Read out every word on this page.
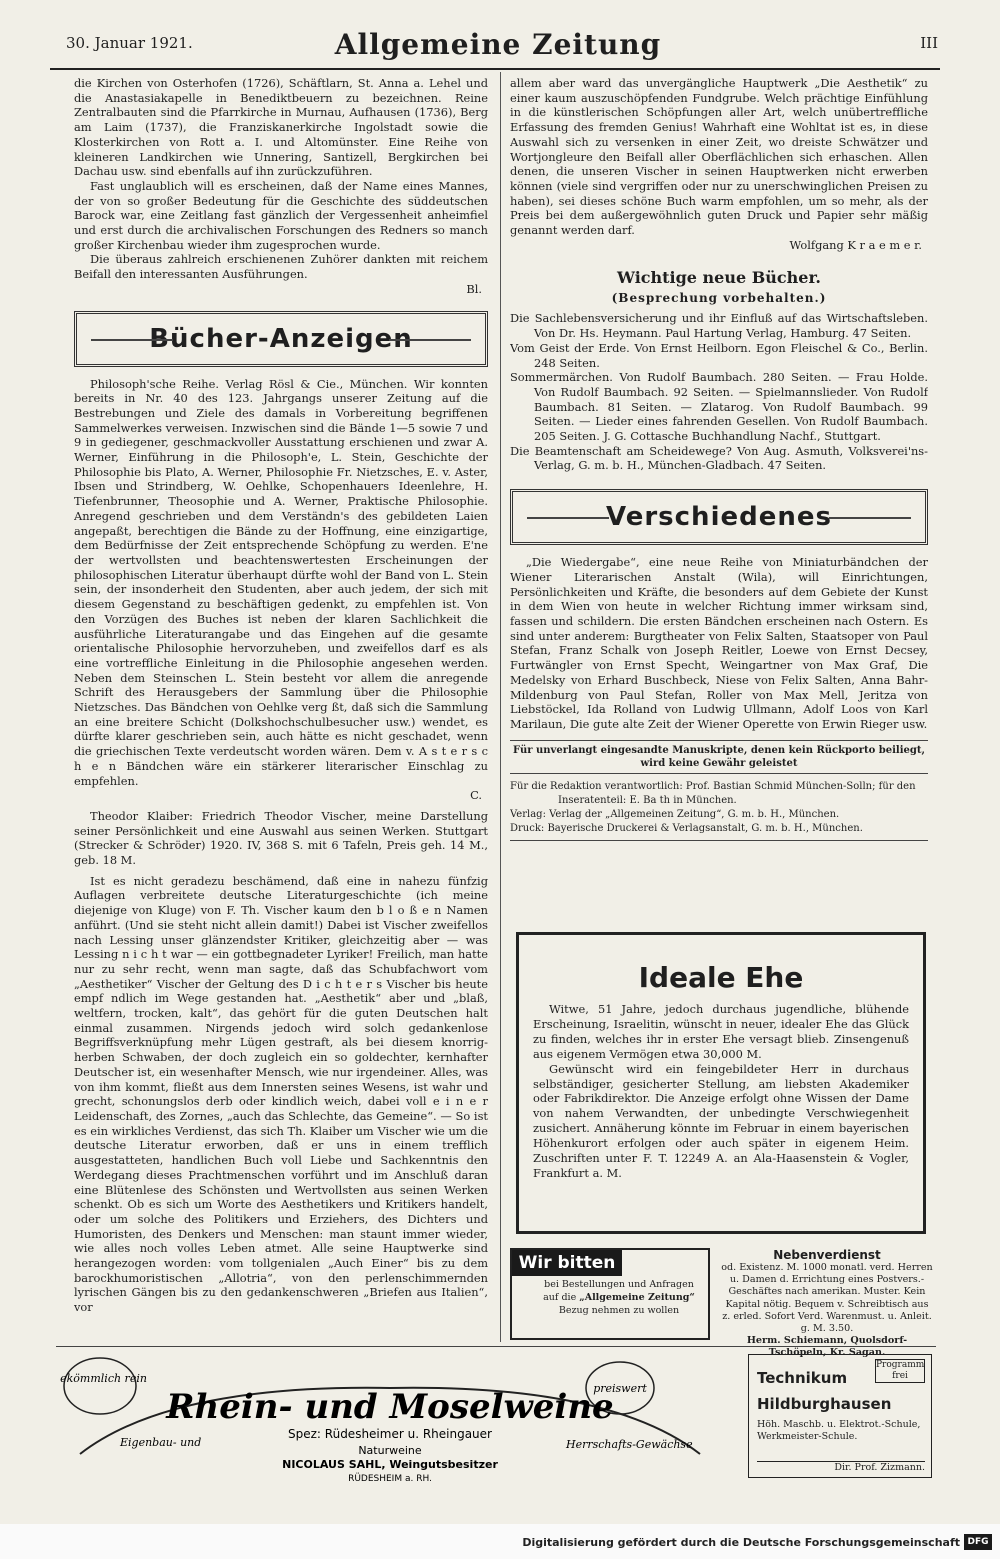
30. Januar 1921.	Allgemeine Zeitung	III

die Kirchen von Osterhofen (1726), Schäftlarn, St. Anna a. Lehel und die Anastasiakapelle in Benediktbeuern zu bezeichnen. Reine Zentralbauten sind die Pfarrkirche in Murnau, Aufhausen (1736), Berg am Laim (1737), die Franziskanerkirche Ingolstadt sowie die Klosterkirchen von Rott a. I. und Altomünster. Eine Reihe von kleineren Landkirchen wie Unnering, Santizell, Bergkirchen bei Dachau usw. sind ebenfalls auf ihn zurückzuführen.

Fast unglaublich will es erscheinen, daß der Name eines Mannes, der von so großer Bedeutung für die Geschichte des süddeutschen Barock war, eine Zeitlang fast gänzlich der Vergessenheit anheimfiel und erst durch die archivalischen Forschungen des Redners so manch großer Kirchenbau wieder ihm zugesprochen wurde.

Die überaus zahlreich erschienenen Zuhörer dankten mit reichem Beifall den interessanten Ausführungen.

Bl.
Bücher-Anzeigen

Philosoph'sche Reihe. Verlag Rösl & Cie., München. Wir konnten bereits in Nr. 40 des 123. Jahrgangs unserer Zeitung auf die Bestrebungen und Ziele des damals in Vorbereitung begriffenen Sammelwerkes verweisen. Inzwischen sind die Bände 1—5 sowie 7 und 9 in gediegener, geschmackvoller Ausstattung erschienen und zwar A. Werner, Einführung in die Philosoph'e, L. Stein, Geschichte der Philosophie bis Plato, A. Werner, Philosophie Fr. Nietzsches, E. v. Aster, Ibsen und Strindberg, W. Oehlke, Schopenhauers Ideenlehre, H. Tiefenbrunner, Theosophie und A. Werner, Praktische Philosophie. Anregend geschrieben und dem Verständn's des gebildeten Laien angepaßt, berechtigen die Bände zu der Hoffnung, eine einzigartige, dem Bedürfnisse der Zeit entsprechende Schöpfung zu werden. E'ne der wertvollsten und beachtenswertesten Erscheinungen der philosophischen Literatur überhaupt dürfte wohl der Band von L. Stein sein, der insonderheit den Studenten, aber auch jedem, der sich mit diesem Gegenstand zu beschäftigen gedenkt, zu empfehlen ist. Von den Vorzügen des Buches ist neben der klaren Sachlichkeit die ausführliche Literaturangabe und das Eingehen auf die gesamte orientalische Philosophie hervorzuheben, und zweifellos darf es als eine vortreffliche Einleitung in die Philosophie angesehen werden. Neben dem Steinschen L. Stein besteht vor allem die anregende Schrift des Herausgebers der Sammlung über die Philosophie Nietzsches. Das Bändchen von Oehlke verg ßt, daß sich die Sammlung an eine breitere Schicht (Dolkshochschulbesucher usw.) wendet, es dürfte klarer geschrieben sein, auch hätte es nicht geschadet, wenn die griechischen Texte verdeutscht worden wären. Dem v. A s t e r s c h e n Bändchen wäre ein stärkerer literarischer Einschlag zu empfehlen.

C.

Theodor Klaiber: Friedrich Theodor Vischer, meine Darstellung seiner Persönlichkeit und eine Auswahl aus seinen Werken. Stuttgart (Strecker & Schröder) 1920. IV, 368 S. mit 6 Tafeln, Preis geh. 14 M., geb. 18 M.

Ist es nicht geradezu beschämend, daß eine in nahezu fünfzig Auflagen verbreitete deutsche Literaturgeschichte (ich meine diejenige von Kluge) von F. Th. Vischer kaum den b l o ß e n Namen anführt. (Und sie steht nicht allein damit!) Dabei ist Vischer zweifellos nach Lessing unser glänzendster Kritiker, gleichzeitig aber — was Lessing n i c h t war — ein gottbegnadeter Lyriker! Freilich, man hatte nur zu sehr recht, wenn man sagte, daß das Schubfachwort vom „Aesthetiker“ Vischer der Geltung des D i c h t e r s Vischer bis heute empf ndlich im Wege gestanden hat. „Aesthetik“ aber und „blaß, weltfern, trocken, kalt“, das gehört für die guten Deutschen halt einmal zusammen. Nirgends jedoch wird solch gedankenlose Begriffsverknüpfung mehr Lügen gestraft, als bei diesem knorrig-herben Schwaben, der doch zugleich ein so goldechter, kernhafter Deutscher ist, ein wesenhafter Mensch, wie nur irgendeiner. Alles, was von ihm kommt, fließt aus dem Innersten seines Wesens, ist wahr und grecht, schonungslos derb oder kindlich weich, dabei voll e i n e r Leidenschaft, des Zornes, „auch das Schlechte, das Gemeine“. — So ist es ein wirkliches Verdienst, das sich Th. Klaiber um Vischer wie um die deutsche Literatur erworben, daß er uns in einem trefflich ausgestatteten, handlichen Buch voll Liebe und Sachkenntnis den Werdegang dieses Prachtmenschen vorführt und im Anschluß daran eine Blütenlese des Schönsten und Wertvollsten aus seinen Werken schenkt. Ob es sich um Worte des Aesthetikers und Kritikers handelt, oder um solche des Politikers und Erziehers, des Dichters und Humoristen, des Denkers und Menschen: man staunt immer wieder, wie alles noch volles Leben atmet. Alle seine Hauptwerke sind herangezogen worden: vom tollgenialen „Auch Einer“ bis zu dem barockhumoristischen „Allotria“, von den perlenschimmernden lyrischen Gängen bis zu den gedankenschweren „Briefen aus Italien“, vor

allem aber ward das unvergängliche Hauptwerk „Die Aesthetik“ zu einer kaum auszuschöpfenden Fundgrube. Welch prächtige Einfühlung in die künstlerischen Schöpfungen aller Art, welch unübertreffliche Erfassung des fremden Genius! Wahrhaft eine Wohltat ist es, in diese Auswahl sich zu versenken in einer Zeit, wo dreiste Schwätzer und Wortjongleure den Beifall aller Oberflächlichen sich erhaschen. Allen denen, die unseren Vischer in seinen Hauptwerken nicht erwerben können (viele sind vergriffen oder nur zu unerschwinglichen Preisen zu haben), sei dieses schöne Buch warm empfohlen, um so mehr, als der Preis bei dem außergewöhnlich guten Druck und Papier sehr mäßig genannt werden darf.

Wolfgang K r a e m e r.
Wichtige neue Bücher.
(Besprechung vorbehalten.)
Die Sachlebensversicherung und ihr Einfluß auf das Wirtschaftsleben. Von Dr. Hs. Heymann. Paul Hartung Verlag, Hamburg. 47 Seiten.
Vom Geist der Erde. Von Ernst Heilborn. Egon Fleischel & Co., Berlin. 248 Seiten.
Sommermärchen. Von Rudolf Baumbach. 280 Seiten. — Frau Holde. Von Rudolf Baumbach. 92 Seiten. — Spielmannslieder. Von Rudolf Baumbach. 81 Seiten. — Zlatarog. Von Rudolf Baumbach. 99 Seiten. — Lieder eines fahrenden Gesellen. Von Rudolf Baumbach. 205 Seiten. J. G. Cottasche Buchhandlung Nachf., Stuttgart.
Die Beamtenschaft am Scheidewege? Von Aug. Asmuth, Volksverei'ns-Verlag, G. m. b. H., München-Gladbach. 47 Seiten.
Verschiedenes

„Die Wiedergabe“, eine neue Reihe von Miniaturbändchen der Wiener Literarischen Anstalt (Wila), will Einrichtungen, Persönlichkeiten und Kräfte, die besonders auf dem Gebiete der Kunst in dem Wien von heute in welcher Richtung immer wirksam sind, fassen und schildern. Die ersten Bändchen erscheinen nach Ostern. Es sind unter anderem: Burgtheater von Felix Salten, Staatsoper von Paul Stefan, Franz Schalk von Joseph Reitler, Loewe von Ernst Decsey, Furtwängler von Ernst Specht, Weingartner von Max Graf, Die Medelsky von Erhard Buschbeck, Niese von Felix Salten, Anna Bahr-Mildenburg von Paul Stefan, Roller von Max Mell, Jeritza von Liebstöckel, Ida Rolland von Ludwig Ullmann, Adolf Loos von Karl Marilaun, Die gute alte Zeit der Wiener Operette von Erwin Rieger usw.

Für unverlangt eingesandte Manuskripte, denen kein Rückporto beiliegt, wird keine Gewähr geleistet
Für die Redaktion verantwortlich: Prof. Bastian Schmid München-Solln; für den Inseratenteil: E. Ba th in München.
Verlag: Verlag der „Allgemeinen Zeitung“, G. m. b. H., München.
Druck: Bayerische Druckerei & Verlagsanstalt, G. m. b. H., München.
Ideale Ehe

Witwe, 51 Jahre, jedoch durchaus jugendliche, blühende Erscheinung, Israelitin, wünscht in neuer, idealer Ehe das Glück zu finden, welches ihr in erster Ehe versagt blieb. Zinsengenuß aus eigenem Vermögen etwa 30,000 M.

Gewünscht wird ein feingebildeter Herr in durchaus selbständiger, gesicherter Stellung, am liebsten Akademiker oder Fabrikdirektor. Die Anzeige erfolgt ohne Wissen der Dame von nahem Verwandten, der unbedingte Verschwiegenheit zusichert. Annäherung könnte im Februar in einem bayerischen Höhenkurort erfolgen oder auch später in eigenem Heim. Zuschriften unter F. T. 12249 A. an Ala-Haasenstein & Vogler, Frankfurt a. M.

Wir bitten
bei Bestellungen und Anfragen auf die „Allgemeine Zeitung“ Bezug nehmen zu wollen
Nebenverdienst
od. Existenz. M. 1000 monatl. verd. Herren u. Damen d. Errichtung eines Postvers.-Geschäftes nach amerikan. Muster. Kein Kapital nötig. Bequem v. Schreibtisch aus z. erled. Sofort Verd. Warenmust. u. Anleit. g. M. 3.50.
Herm. Schiemann, Quolsdorf-Tschöpeln, Kr. Sagan.
bekömmlich rein
preiswert
Rhein- und Moselweine
Eigenbau- und
Spez: Rüdesheimer u. Rheingauer
Naturweine	Herrschafts-Gewächse
NICOLAUS SAHL, Weingutsbesitzer
RÜDESHEIM a. RH.
Technikum
Programm frei
Hildburghausen
Höh. Maschb. u. Elektrot.-Schule, Werkmeister-Schule.
Dir. Prof. Zizmann.
Digitalisierung gefördert durch die Deutsche Forschungsgemeinschaft DFG
